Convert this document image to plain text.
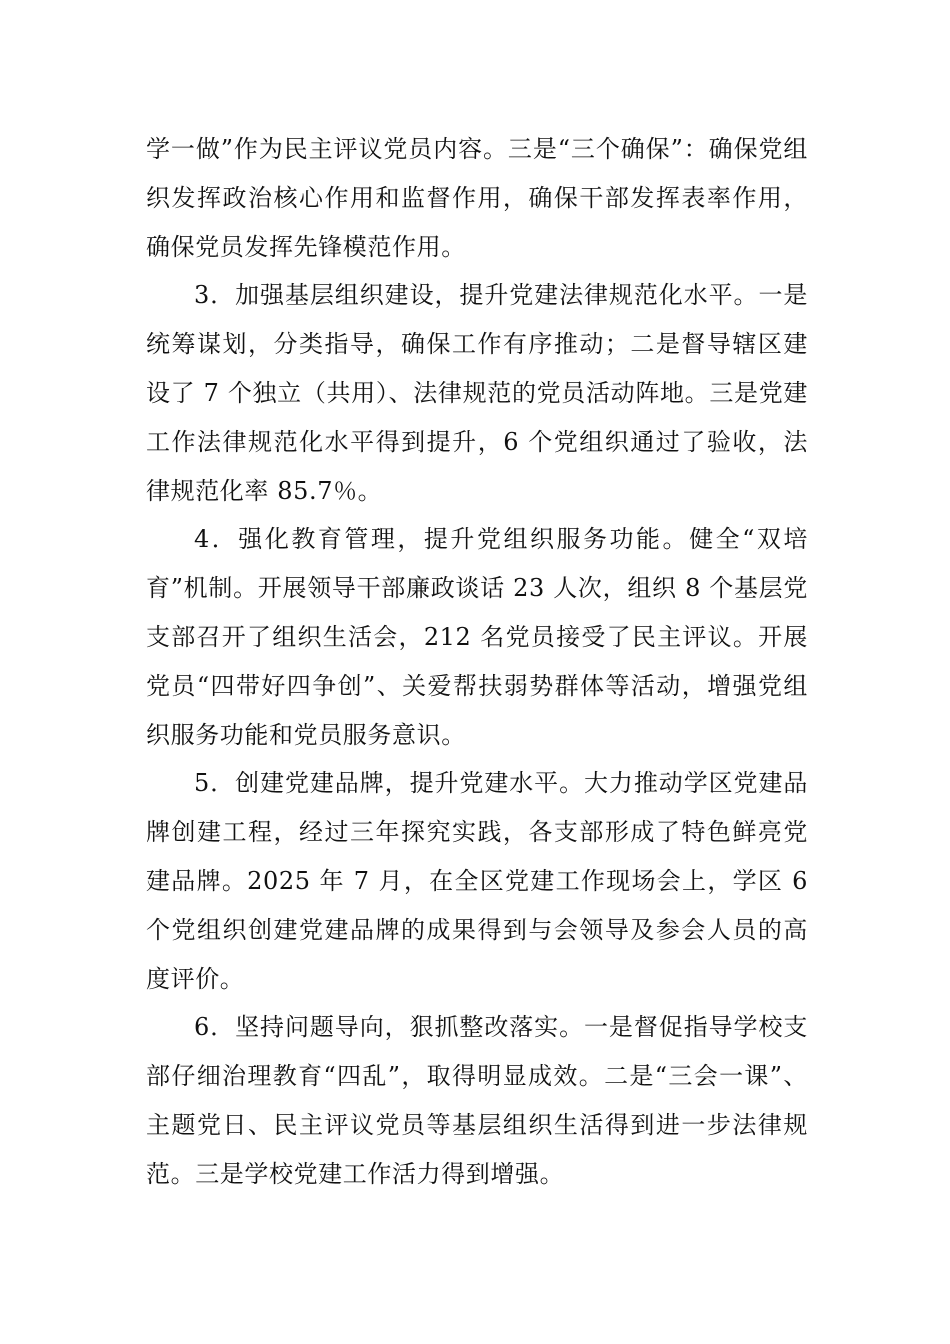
学一做”作为民主评议党员内容。三是“三个确保”：确保党组织发挥政治核心作用和监督作用，确保干部发挥表率作用，确保党员发挥先锋模范作用。

3．加强基层组织建设，提升党建法律规范化水平。一是统筹谋划，分类指导，确保工作有序推动；二是督导辖区建设了 7 个独立（共用）、法律规范的党员活动阵地。三是党建工作法律规范化水平得到提升，6 个党组织通过了验收，法律规范化率 85.7％。

4．强化教育管理，提升党组织服务功能。健全“双培育”机制。开展领导干部廉政谈话 23 人次，组织 8 个基层党支部召开了组织生活会，212 名党员接受了民主评议。开展党员“四带好四争创”、关爱帮扶弱势群体等活动，增强党组织服务功能和党员服务意识。

5．创建党建品牌，提升党建水平。大力推动学区党建品牌创建工程，经过三年探究实践，各支部形成了特色鲜亮党建品牌。2025 年 7 月，在全区党建工作现场会上，学区 6 个党组织创建党建品牌的成果得到与会领导及参会人员的高度评价。

6．坚持问题导向，狠抓整改落实。一是督促指导学校支部仔细治理教育“四乱”，取得明显成效。二是“三会一课”、主题党日、民主评议党员等基层组织生活得到进一步法律规范。三是学校党建工作活力得到增强。
